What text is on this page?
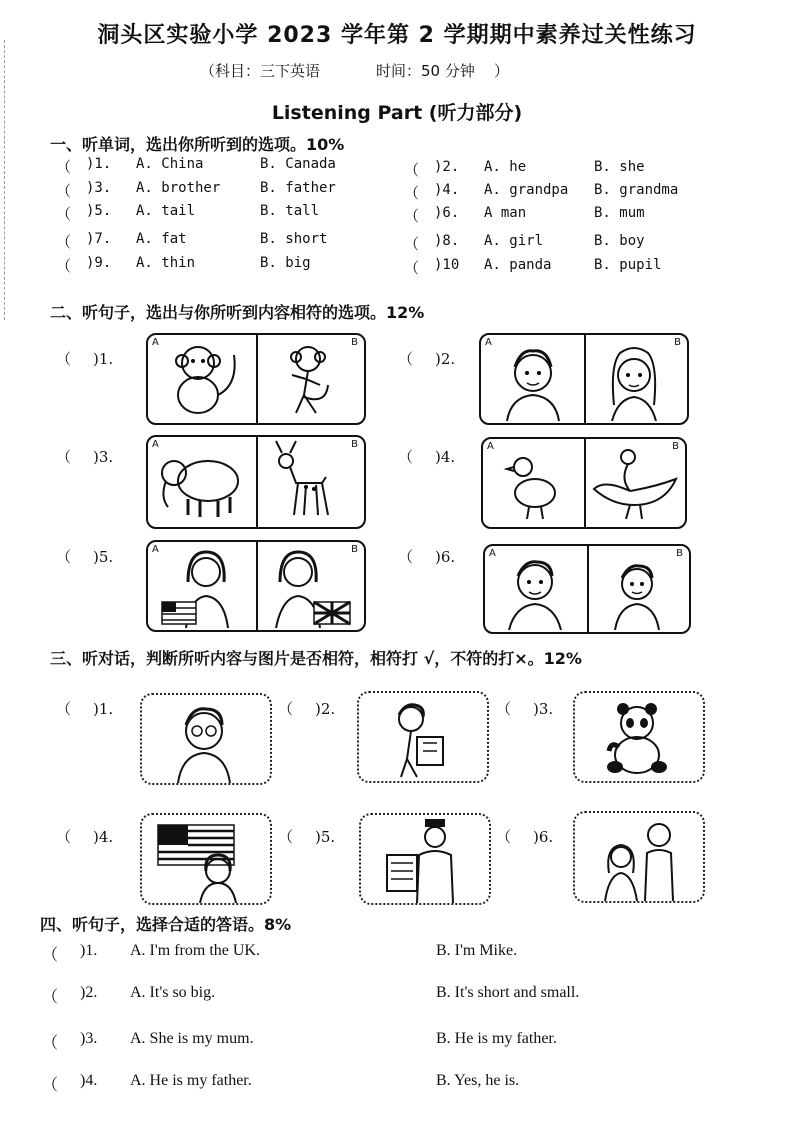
洞头区实验小学 2023 学年第 2 学期期中素养过关性练习
（科目：三下英语	时间：50 分钟    ）
Listening Part (听力部分)
一、听单词，选出你所听到的选项。10%
（ )1. A. China	B. Canada	（ )2. A. he	B. she
（ )3. A. brother	B. father	（ )4. A. grandpa B. grandma
（ )5. A. tail	B. tall	（ )6. A man	B. mum
（ )7. A. fat	B. short	（ )8. A. girl	B. boy
（ )9. A. thin	B. big	（ )10 A. panda	B. pupil
二、听句子，选出与你所听到内容相符的选项。12%
（ )1.
A	B
（ )2.
A	B
（ )3.
A	B
（ )4.
A	B
（ )5.	A	B	（ )6.	A	B
三、听对话，判断所听内容与图片是否相符，相符打 √，不符的打×。12%
（ )1.	（ )2.	（ )3.
（ )4.	（ )5.	（ )6.
四、听句子，选择合适的答语。8%
（ )1. A. I'm from the UK.	B. I'm Mike.
（ )2. A. It's so big.	B. It's short and small.
（ )3. A. She is my mum.	B. He is my father.
（ )4. A. He is my father.	B. Yes, he is.
